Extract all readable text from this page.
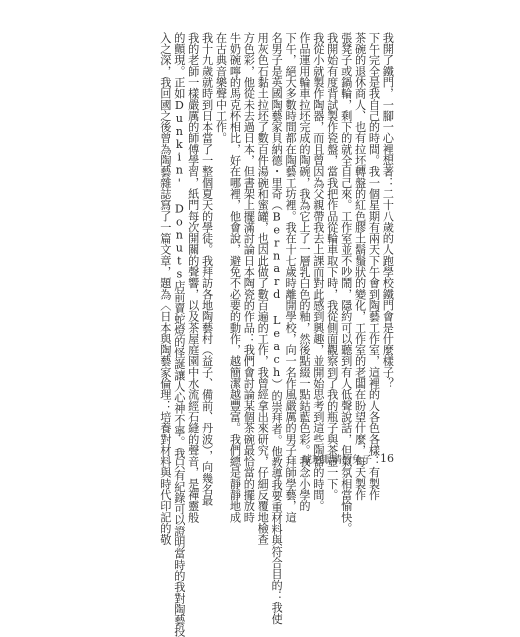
我開了鐵門，一腳一心裡想著：二十八歲的人跑學校鐵門會是什麼樣子？

下午完全是我自己的時間。我一個星期有兩天下午會到陶藝工作室，這裡的人各色各樣：有製作

茶碗的退休商人、也有拉坯轉盤的紅色膠土鬍鬚狀的變化，工作室的老闆在盼望什麼，每天製作

張凳子或鍋輪，剩下的就全自己來。工作室並不吵鬧，隱約可以聽到有人低聲說話，但氣氛相當愉快。

我開始有度背試製作瓷盤，當我把作品從輪車取下時，我從側面觀察到了我的瓶子與茶壺一下。

我從小就製作陶器，而且曾因為父親帶我去上課而對此感到興趣，並開始思考到這些陶器的時間。

作品運用輪車拉坯完成的陶碗，我為它上了一層乳白色的釉，然後點綴一點鈷藍色彩。我念小學的

下午，絕大多數時間都在陶藝工坊裡。我在十七歲時離開學校，向一名作風嚴厲的男子拜師學藝，這

名男子是英國陶藝家貝納德・里奇（Bernard Leach）的崇拜者。他教導我要重材料與符合目的：我使

用灰色石黏土拉坯了數百件湯碗和蜜罐，也因此做了數百遍的工作，我曾經拿出來研究，仔細反覆地檢查

方色彩，他從未去過日本，但書架上擺滿討論日本陶瓷的作品：我們會討論某個茶碗最恰當的擺放時

牛奶碗嚀的馬克杯相比，好在哪裡，他會說，避免不必要的動作，越簡潔越豐富。我們總是靜靜地成

在古典音樂聲中工作。

我十九歲就時到日本當了一整個夏天的學徒。我拜訪各地陶藝村（益子、備前、丹波），向幾名最

我的老師一樣嚴厲的師傅學習，紙門每次開關的聲響，以及茶屋庭園中水流經石縫的聲音，是禪靈般

的顫現。正如Dunkin' Donuts店前賣蛇燈的怪誕讓人心神不寧。我只有紀錄可以證明當時的我對陶藝投

入之深，我回國之後曾為陶藝雜誌寫了一篇文章，題為〈日本與陶藝家倫理：培養對材料與時代印記的敬	琥珀眼睛的兔子 16
